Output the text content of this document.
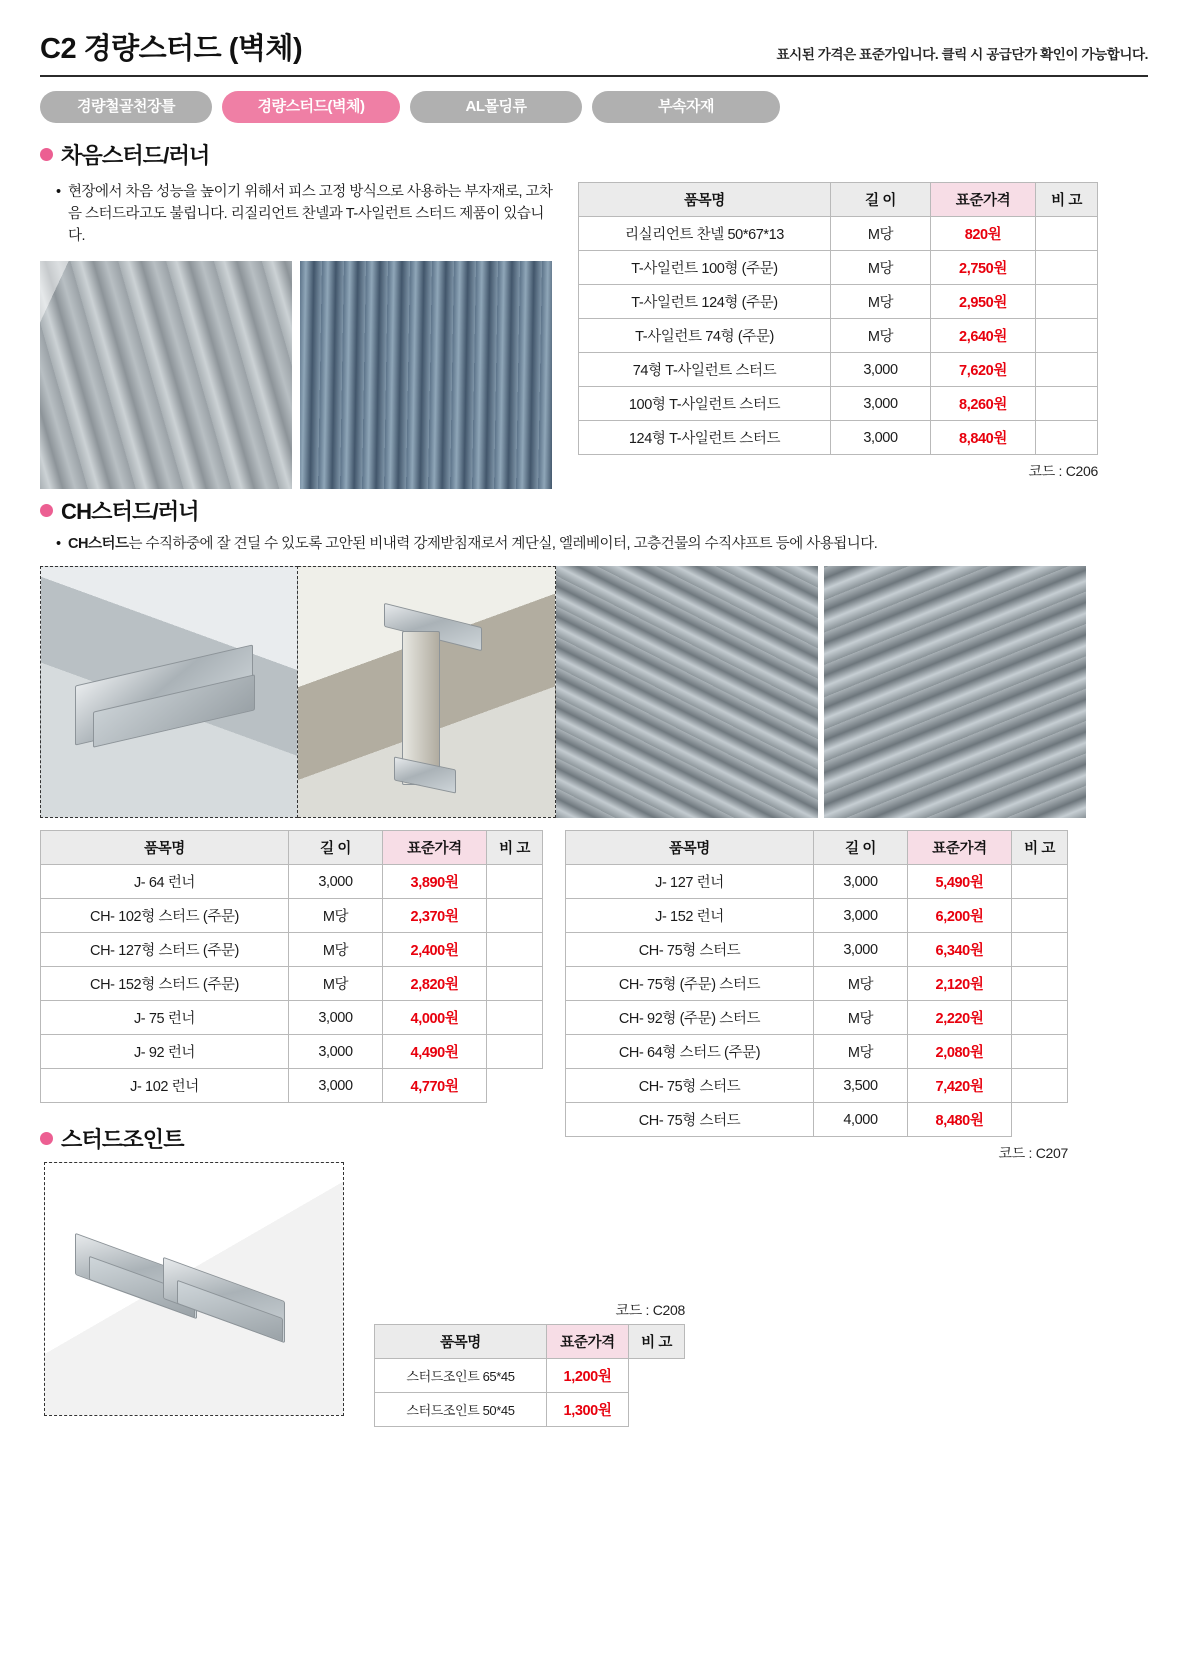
C2 경량스터드 (벽체)	표시된 가격은 표준가입니다. 클릭 시 공급단가 확인이 가능합니다.
경량철골천장틀	경량스터드(벽체)	AL몰딩류	부속자재
차음스터드/러너
• 현장에서 차음 성능을 높이기 위해서 피스 고정 방식으로 사용하는 부자재로, 고차음 스터드라고도 불립니다. 리질리언트 찬넬과 T-사일런트 스터드 제품이 있습니다.
품목명	길 이	표준가격	비 고
리실리언트 찬넬 50*67*13	M당	820원	
T-사일런트 100형 (주문)	M당	2,750원	
T-사일런트 124형 (주문)	M당	2,950원	
T-사일런트 74형 (주문)	M당	2,640원	
74형 T-사일런트 스터드	3,000	7,620원	
100형 T-사일런트 스터드	3,000	8,260원	
124형 T-사일런트 스터드	3,000	8,840원	
코드 : C206
CH스터드/러너
• CH스터드는 수직하중에 잘 견딜 수 있도록 고안된 비내력 강제받침재로서 계단실, 엘레베이터, 고층건물의 수직샤프트 등에 사용됩니다.
품목명	길 이	표준가격	비 고
J- 64 런너	3,000	3,890원	
CH- 102형 스터드 (주문)	M당	2,370원	
CH- 127형 스터드 (주문)	M당	2,400원	
CH- 152형 스터드 (주문)	M당	2,820원	
J- 75 런너	3,000	4,000원	
J- 92 런너	3,000	4,490원	
J- 102 런너	3,000	4,770원	
품목명	길 이	표준가격	비 고
J- 127 런너	3,000	5,490원	
J- 152 런너	3,000	6,200원	
CH- 75형 스터드	3,000	6,340원	
CH- 75형 (주문) 스터드	M당	2,120원	
CH- 92형 (주문) 스터드	M당	2,220원	
CH- 64형 스터드 (주문)	M당	2,080원	
CH- 75형 스터드	3,500	7,420원	
CH- 75형 스터드	4,000	8,480원	
코드 : C207
스터드조인트
코드 : C208
품목명	표준가격	비 고
스터드조인트 65*45	1,200원	
스터드조인트 50*45	1,300원	
